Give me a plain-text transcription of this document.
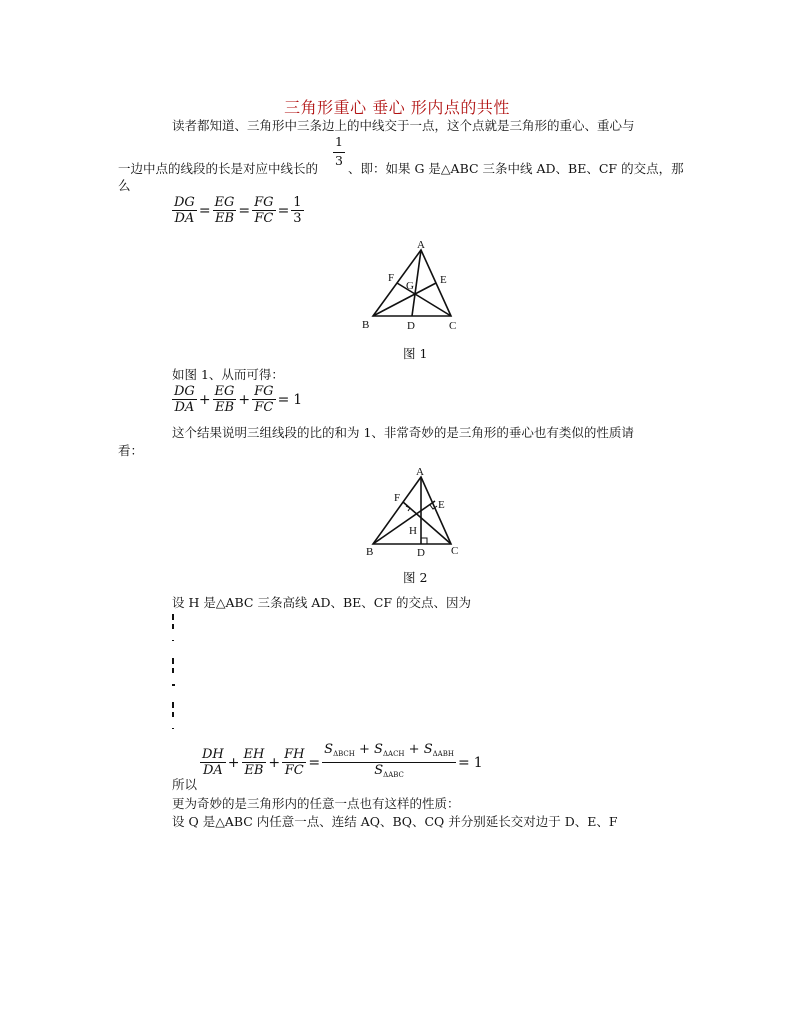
三角形重心 垂心 形内点的共性
读者都知道、三角形中三条边上的中线交于一点，这个点就是三角形的重心、重心与
$\frac{1}{3}$
一边中点的线段的长是对应中线长的 、即：如果 G 是△ABC 三条中线 AD、BE、CF 的交点，那
么
$\frac{DG}{DA} = \frac{EG}{EB} = \frac{FG}{FC} = \frac{1}{3}$
A
B	C
D
E
F
G
图 1
如图 1、从而可得：
$\frac{DG}{DA} + \frac{EG}{EB} + \frac{FG}{FC} = 1$
这个结果说明三组线段的比的和为 1、非常奇妙的是三角形的垂心也有类似的性质请
看：
A
B	C
D
E
F
H
图 2
设 H 是△ABC 三条高线 AD、BE、CF 的交点、因为
所以
$\frac{DH}{DA} + \frac{EH}{EB} + \frac{FH}{FC} = \frac{S_{\Delta BCH} + S_{\Delta ACH} + S_{\Delta ABH}}{S_{\Delta ABC}} = 1$
更为奇妙的是三角形内的任意一点也有这样的性质：
设 Q 是△ABC 内任意一点、连结 AQ、BQ、CQ 并分别延长交对边于 D、E、F
